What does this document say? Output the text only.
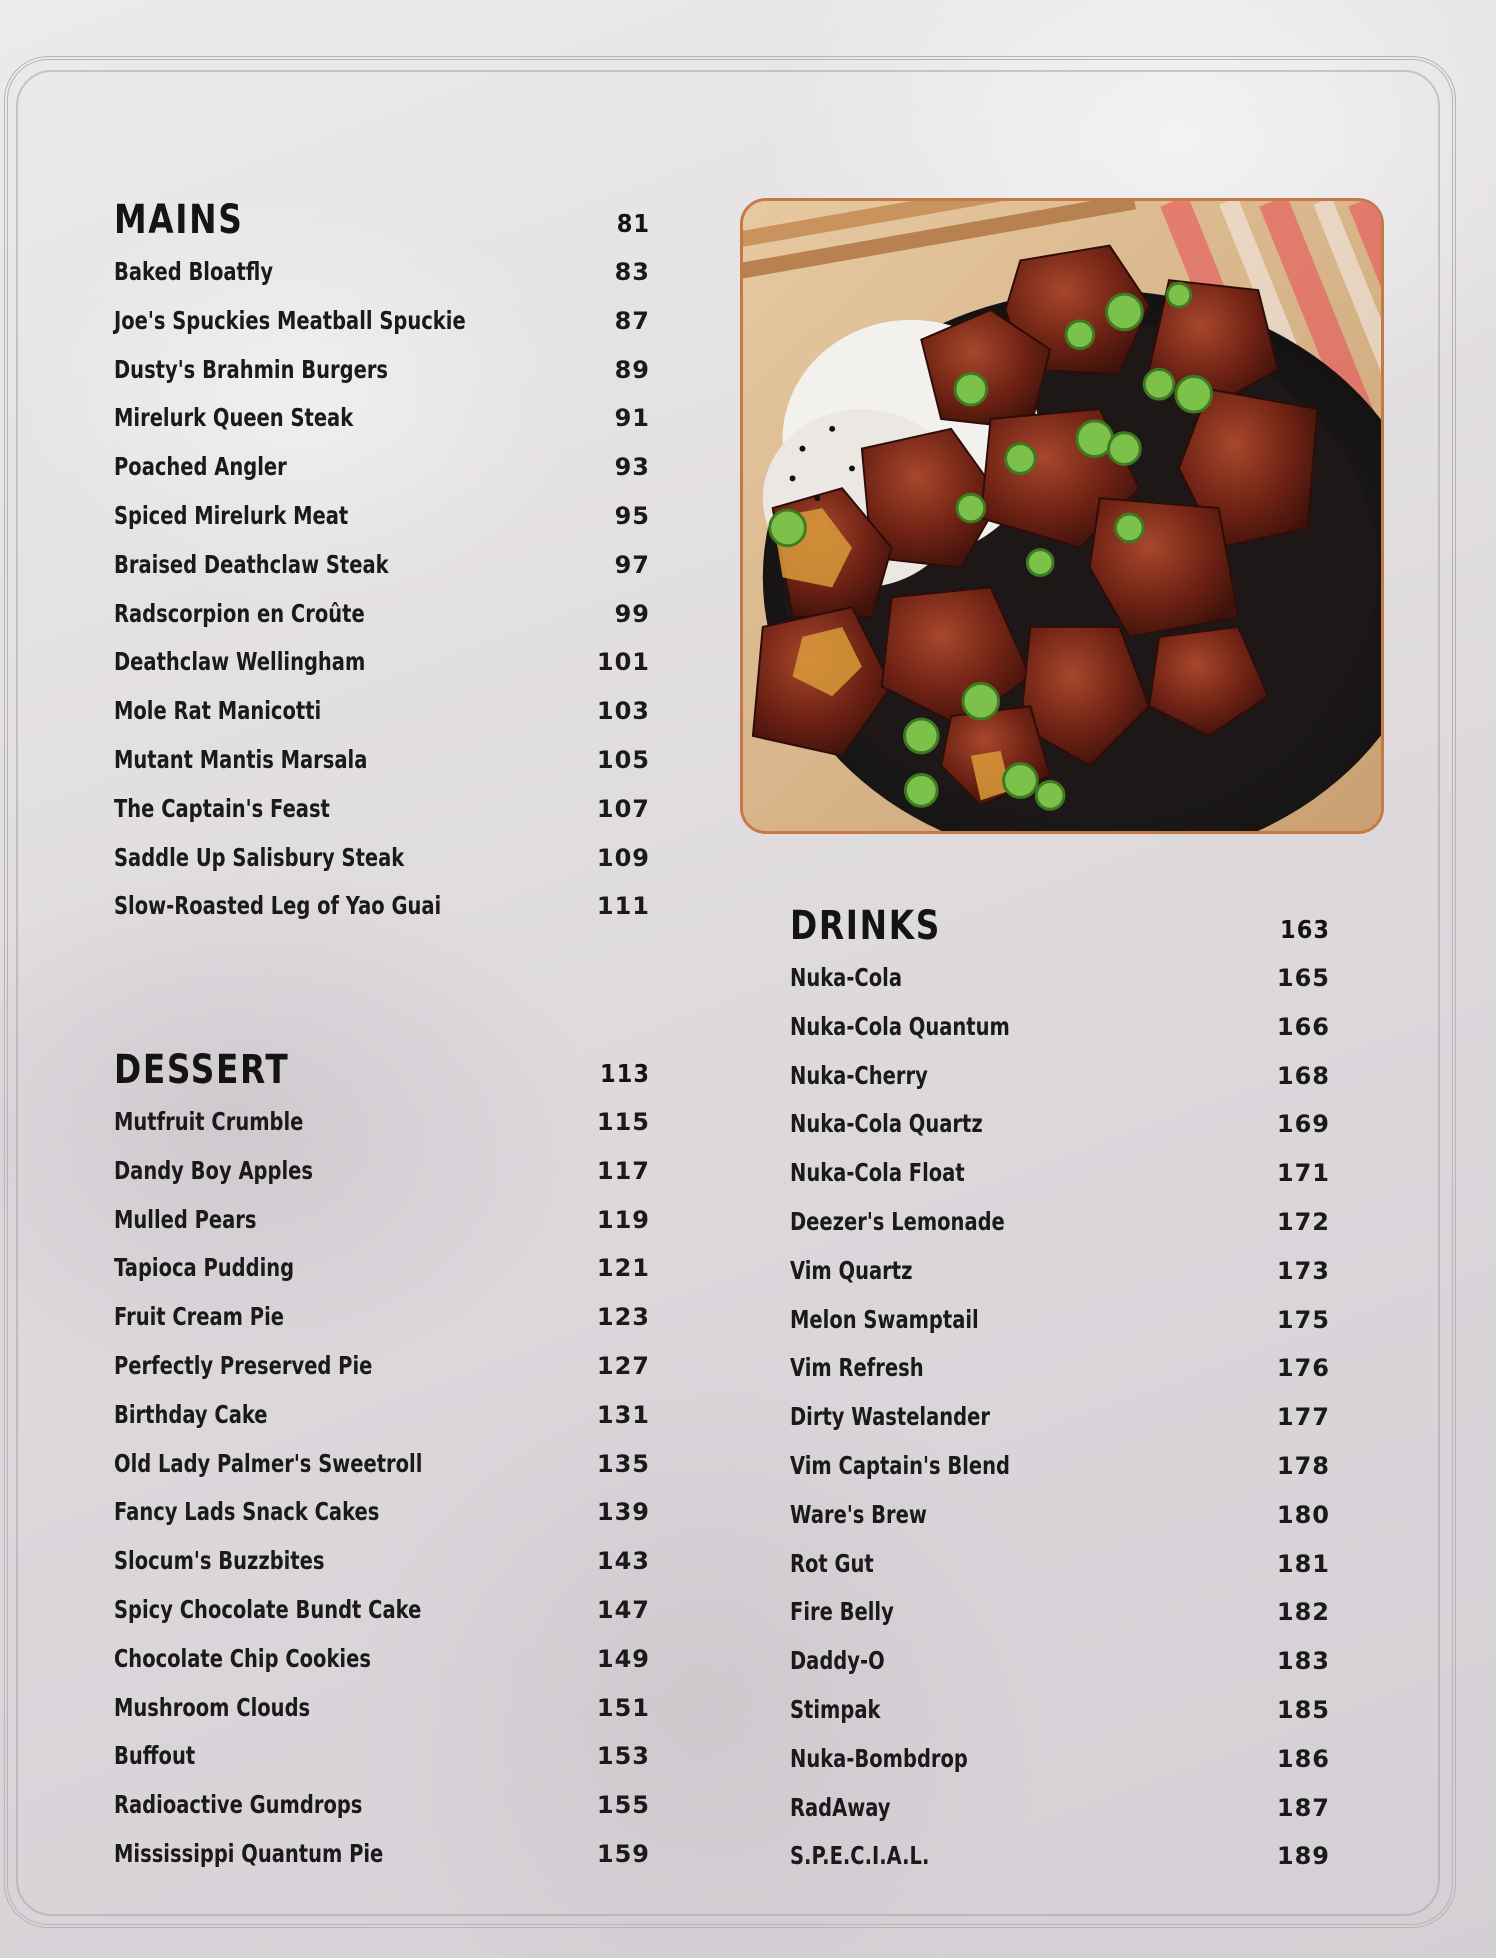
MAINS	81
Baked Bloatfly	83
Joe's Spuckies Meatball Spuckie	87
Dusty's Brahmin Burgers	89
Mirelurk Queen Steak	91
Poached Angler	93
Spiced Mirelurk Meat	95
Braised Deathclaw Steak	97
Radscorpion en Croûte	99
Deathclaw Wellingham	101
Mole Rat Manicotti	103
Mutant Mantis Marsala	105
The Captain's Feast	107
Saddle Up Salisbury Steak	109
Slow-Roasted Leg of Yao Guai	111
DESSERT	113
Mutfruit Crumble	115
Dandy Boy Apples	117
Mulled Pears	119
Tapioca Pudding	121
Fruit Cream Pie	123
Perfectly Preserved Pie	127
Birthday Cake	131
Old Lady Palmer's Sweetroll	135
Fancy Lads Snack Cakes	139
Slocum's Buzzbites	143
Spicy Chocolate Bundt Cake	147
Chocolate Chip Cookies	149
Mushroom Clouds	151
Buffout	153
Radioactive Gumdrops	155
Mississippi Quantum Pie	159
DRINKS	163
Nuka-Cola	165
Nuka-Cola Quantum	166
Nuka-Cherry	168
Nuka-Cola Quartz	169
Nuka-Cola Float	171
Deezer's Lemonade	172
Vim Quartz	173
Melon Swamptail	175
Vim Refresh	176
Dirty Wastelander	177
Vim Captain's Blend	178
Ware's Brew	180
Rot Gut	181
Fire Belly	182
Daddy-O	183
Stimpak	185
Nuka-Bombdrop	186
RadAway	187
S.P.E.C.I.A.L.	189
